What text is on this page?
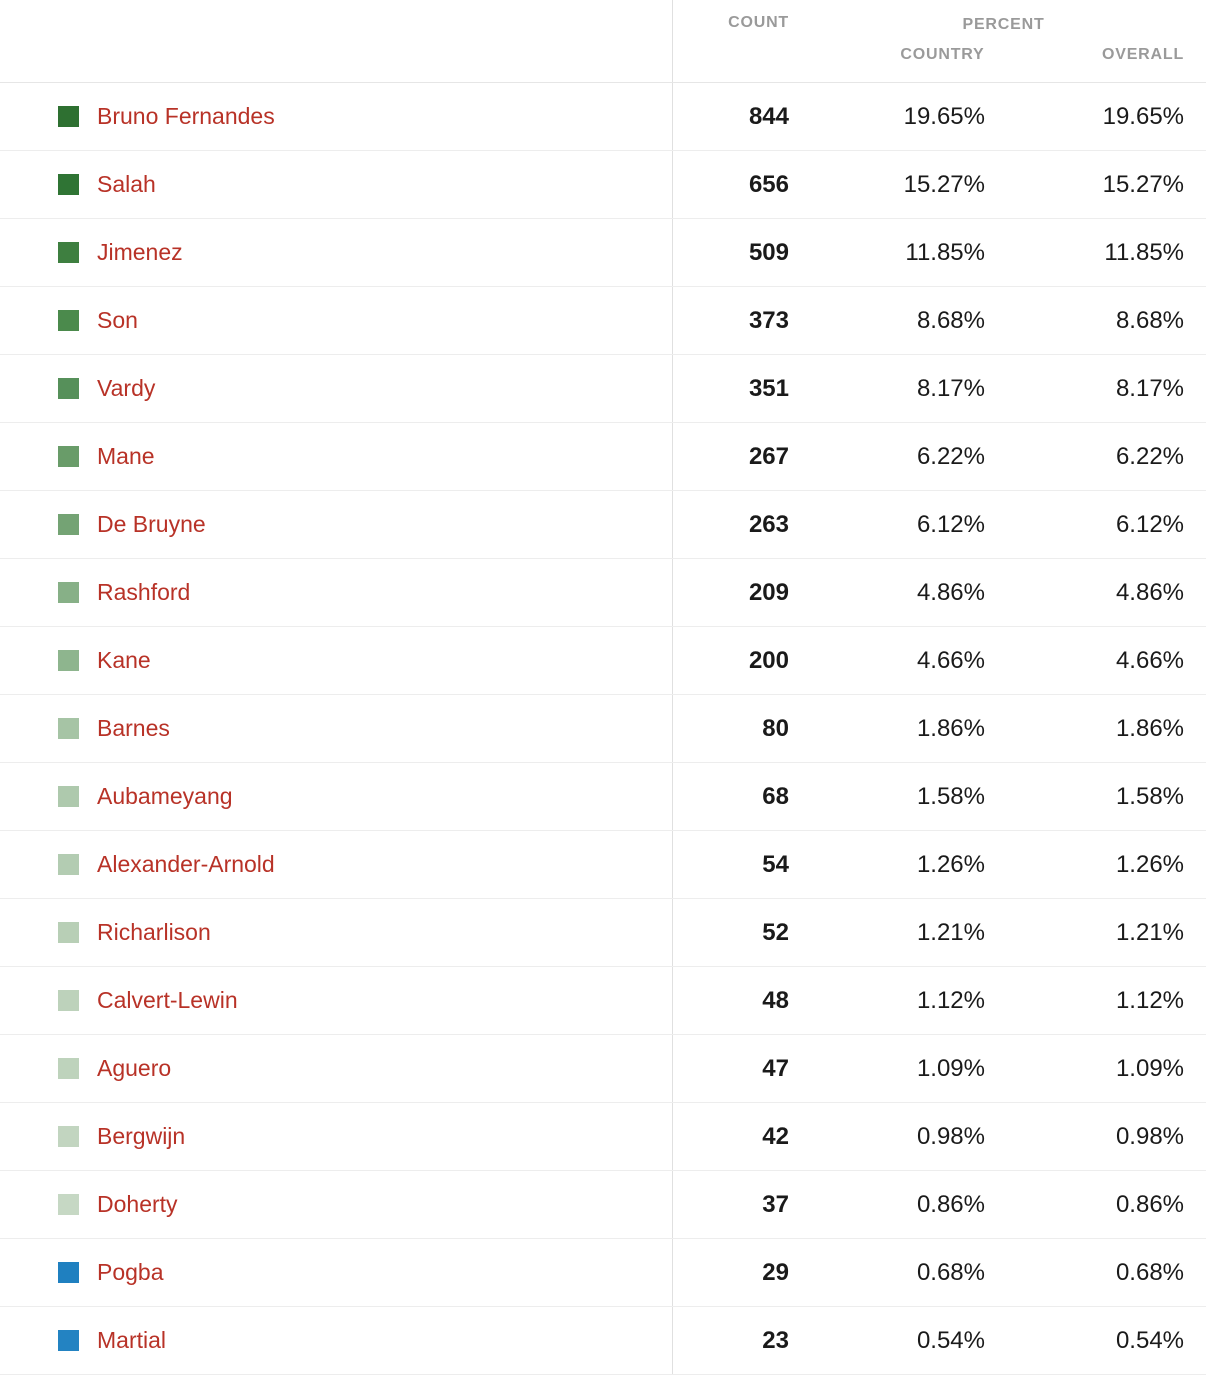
	COUNT	PERCENT
COUNTRY OVERALL	

Bruno Fernandes	844	19.65%	19.65%

Salah	656	15.27%	15.27%

Jimenez	509	11.85%	11.85%

Son	373	8.68%	8.68%

Vardy	351	8.17%	8.17%

Mane	267	6.22%	6.22%

De Bruyne	263	6.12%	6.12%

Rashford	209	4.86%	4.86%

Kane	200	4.66%	4.66%

Barnes	80	1.86%	1.86%

Aubameyang	68	1.58%	1.58%

Alexander-Arnold	54	1.26%	1.26%

Richarlison	52	1.21%	1.21%

Calvert-Lewin	48	1.12%	1.12%

Aguero	47	1.09%	1.09%

Bergwijn	42	0.98%	0.98%

Doherty	37	0.86%	0.86%

Pogba	29	0.68%	0.68%

Martial	23	0.54%	0.54%
